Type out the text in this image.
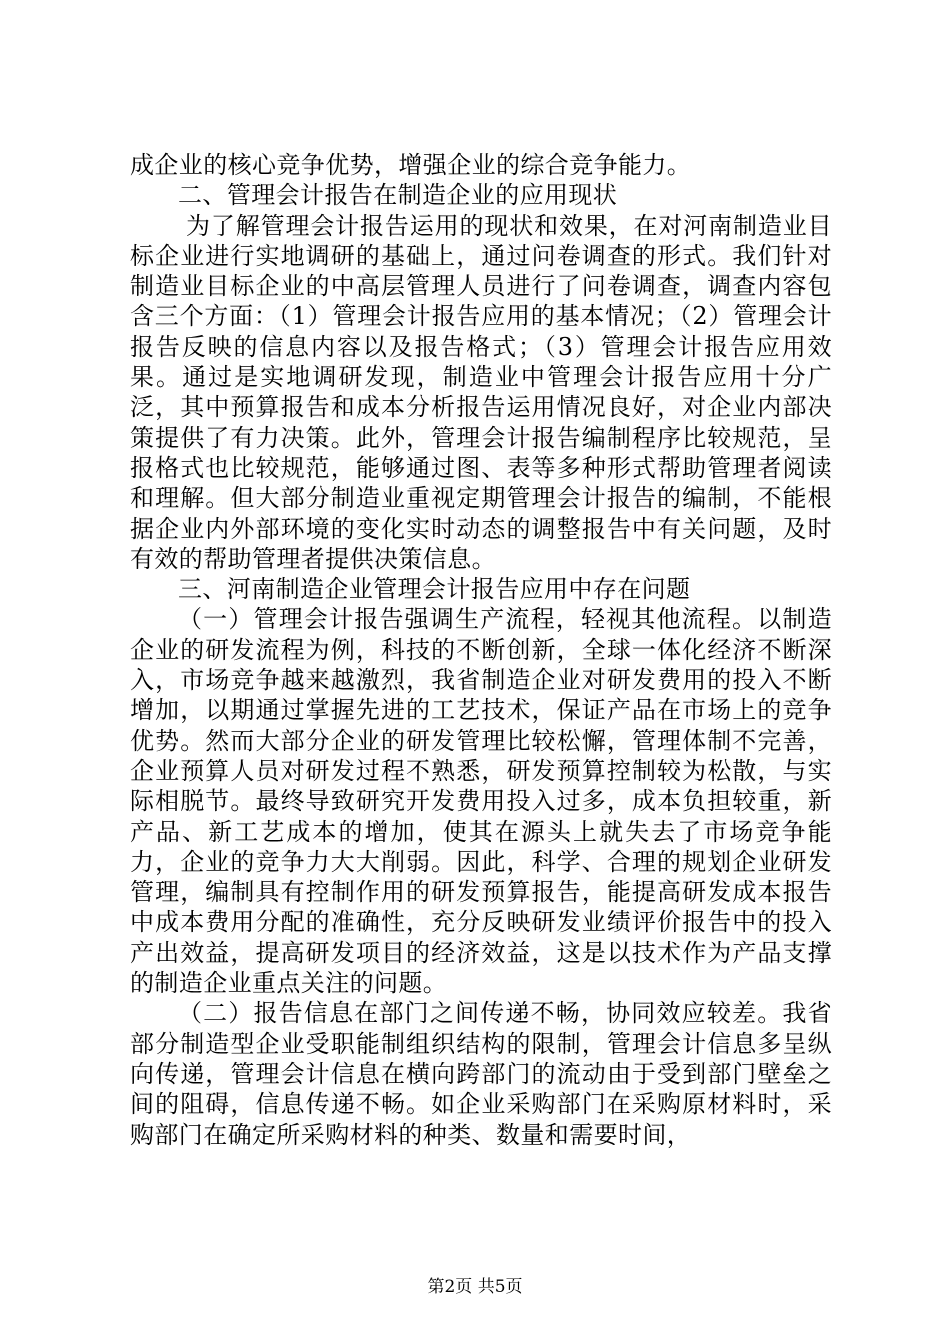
成企业的核心竞争优势，增强企业的综合竞争能力。

二、管理会计报告在制造企业的应用现状

为了解管理会计报告运用的现状和效果，在对河南制造业目标企业进行实地调研的基础上，通过问卷调查的形式。我们针对制造业目标企业的中高层管理人员进行了问卷调查，调查内容包含三个方面：（1）管理会计报告应用的基本情况；（2）管理会计报告反映的信息内容以及报告格式；（3）管理会计报告应用效果。通过是实地调研发现，制造业中管理会计报告应用十分广泛，其中预算报告和成本分析报告运用情况良好，对企业内部决策提供了有力决策。此外，管理会计报告编制程序比较规范，呈报格式也比较规范，能够通过图、表等多种形式帮助管理者阅读和理解。但大部分制造业重视定期管理会计报告的编制，不能根据企业内外部环境的变化实时动态的调整报告中有关问题，及时有效的帮助管理者提供决策信息。

三、河南制造企业管理会计报告应用中存在问题

（一）管理会计报告强调生产流程，轻视其他流程。以制造企业的研发流程为例，科技的不断创新，全球一体化经济不断深入，市场竞争越来越激烈，我省制造企业对研发费用的投入不断增加，以期通过掌握先进的工艺技术，保证产品在市场上的竞争优势。然而大部分企业的研发管理比较松懈，管理体制不完善，企业预算人员对研发过程不熟悉，研发预算控制较为松散，与实际相脱节。最终导致研究开发费用投入过多，成本负担较重，新产品、新工艺成本的增加，使其在源头上就失去了市场竞争能力，企业的竞争力大大削弱。因此，科学、合理的规划企业研发管理，编制具有控制作用的研发预算报告，能提高研发成本报告中成本费用分配的准确性，充分反映研发业绩评价报告中的投入产出效益，提高研发项目的经济效益，这是以技术作为产品支撑的制造企业重点关注的问题。

（二）报告信息在部门之间传递不畅，协同效应较差。我省部分制造型企业受职能制组织结构的限制，管理会计信息多呈纵向传递，管理会计信息在横向跨部门的流动由于受到部门壁垒之间的阻碍，信息传递不畅。如企业采购部门在采购原材料时，采购部门在确定所采购材料的种类、数量和需要时间，

第2页 共5页
